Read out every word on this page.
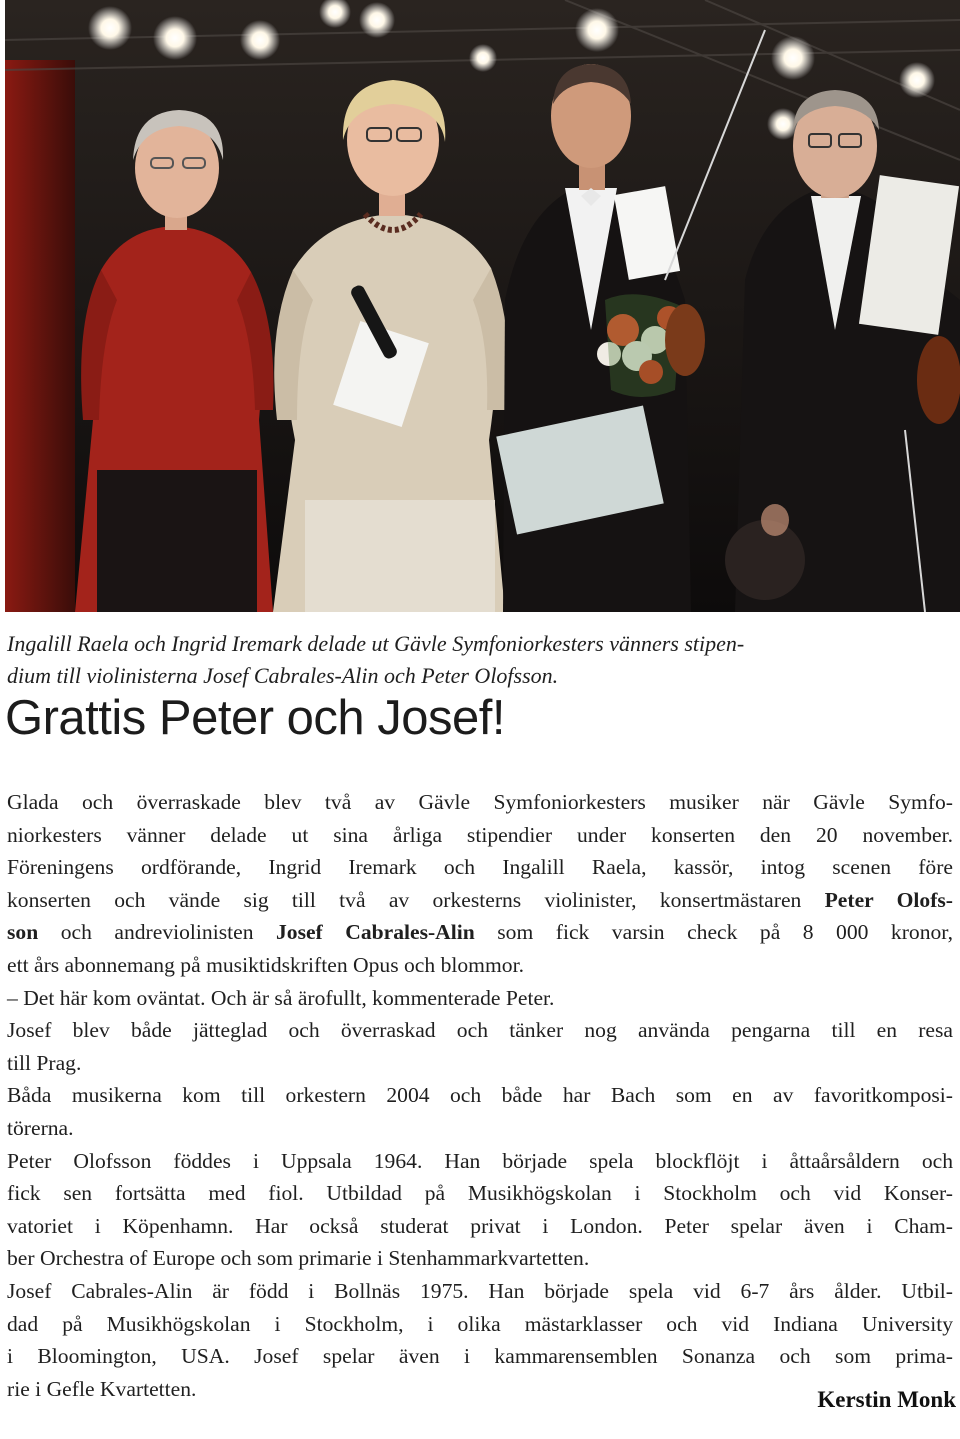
Ingalill Raela och Ingrid Iremark delade ut Gävle Symfoniorkesters vänners stipen-
dium till violinisterna Josef Cabrales-Alin och Peter Olofsson.
Grattis Peter och Josef!
Glada och överraskade blev två av Gävle Symfoniorkesters musiker när Gävle Symfo-
niorkesters vänner delade ut sina årliga stipendier under konserten den 20 november.
Föreningens ordförande, Ingrid Iremark och Ingalill Raela, kassör, intog scenen före
konserten och vände sig till två av orkesterns violinister, konsertmästaren Peter Olofs-
son och andreviolinisten Josef Cabrales-Alin som fick varsin check på 8 000 kronor,
ett års abonnemang på musiktidskriften Opus och blommor.
– Det här kom oväntat. Och är så ärofullt, kommenterade Peter.
Josef blev både jätteglad och överraskad och tänker nog använda pengarna till en resa
till Prag.
Båda musikerna kom till orkestern 2004 och både har Bach som en av favoritkomposi-
törerna.
Peter Olofsson föddes i Uppsala 1964. Han började spela blockflöjt i åttaårsåldern och
fick sen fortsätta med fiol. Utbildad på Musikhögskolan i Stockholm och vid Konser-
vatoriet i Köpenhamn. Har också studerat privat i London. Peter spelar även i Cham-
ber Orchestra of Europe och som primarie i Stenhammarkvartetten.
Josef Cabrales-Alin är född i Bollnäs 1975. Han började spela vid 6-7 års ålder. Utbil-
dad på Musikhögskolan i Stockholm, i olika mästarklasser och vid Indiana University
i Bloomington, USA. Josef spelar även i kammarensemblen Sonanza och som prima-
rie i Gefle Kvartetten.	Kerstin Monk
